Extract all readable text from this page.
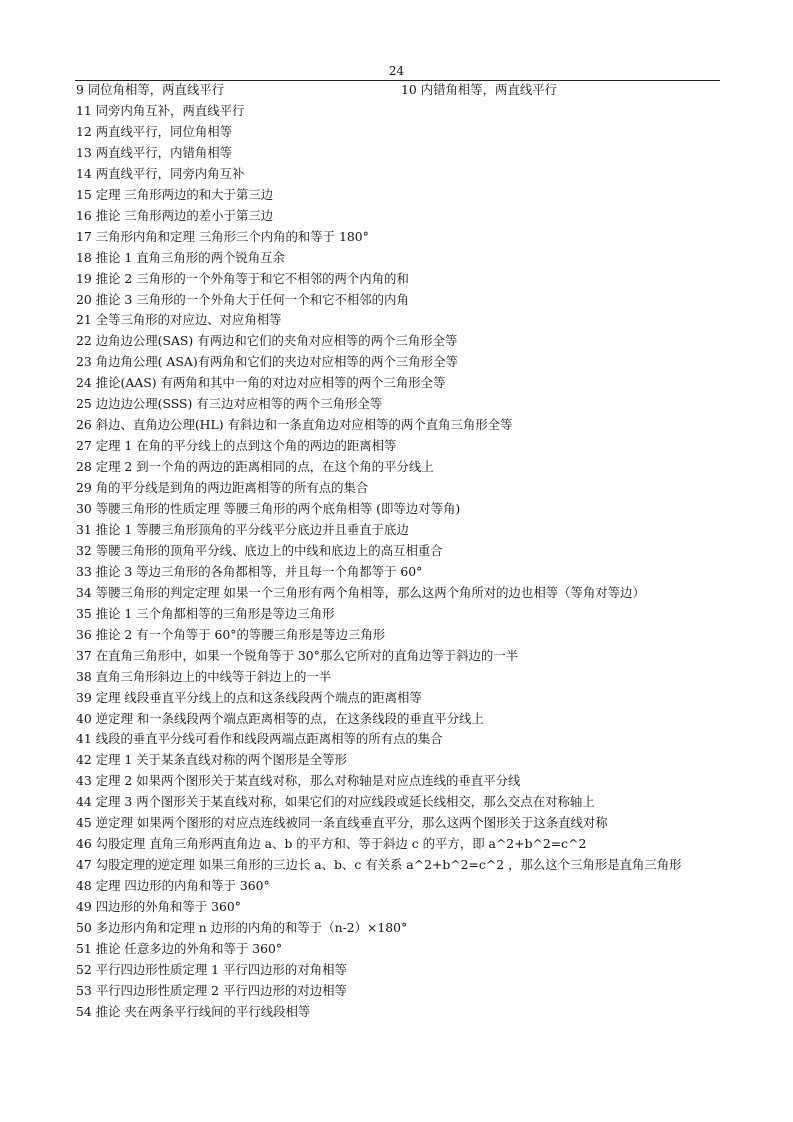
24
9 同位角相等，两直线平行	10 内错角相等，两直线平行
11 同旁内角互补，两直线平行
12 两直线平行，同位角相等
13 两直线平行，内错角相等
14 两直线平行，同旁内角互补
15 定理 三角形两边的和大于第三边
16 推论 三角形两边的差小于第三边
17 三角形内角和定理 三角形三个内角的和等于 180°
18 推论 1 直角三角形的两个锐角互余
19 推论 2 三角形的一个外角等于和它不相邻的两个内角的和
20 推论 3 三角形的一个外角大于任何一个和它不相邻的内角
21 全等三角形的对应边、对应角相等
22 边角边公理(SAS) 有两边和它们的夹角对应相等的两个三角形全等
23 角边角公理( ASA)有两角和它们的夹边对应相等的两个三角形全等
24 推论(AAS) 有两角和其中一角的对边对应相等的两个三角形全等
25 边边边公理(SSS) 有三边对应相等的两个三角形全等
26 斜边、直角边公理(HL) 有斜边和一条直角边对应相等的两个直角三角形全等
27 定理 1 在角的平分线上的点到这个角的两边的距离相等
28 定理 2 到一个角的两边的距离相同的点，在这个角的平分线上
29 角的平分线是到角的两边距离相等的所有点的集合
30 等腰三角形的性质定理 等腰三角形的两个底角相等 (即等边对等角)
31 推论 1 等腰三角形顶角的平分线平分底边并且垂直于底边
32 等腰三角形的顶角平分线、底边上的中线和底边上的高互相重合
33 推论 3 等边三角形的各角都相等，并且每一个角都等于 60°
34 等腰三角形的判定定理 如果一个三角形有两个角相等，那么这两个角所对的边也相等（等角对等边）
35 推论 1 三个角都相等的三角形是等边三角形
36 推论 2 有一个角等于 60°的等腰三角形是等边三角形
37 在直角三角形中，如果一个锐角等于 30°那么它所对的直角边等于斜边的一半
38 直角三角形斜边上的中线等于斜边上的一半
39 定理 线段垂直平分线上的点和这条线段两个端点的距离相等
40 逆定理 和一条线段两个端点距离相等的点，在这条线段的垂直平分线上
41 线段的垂直平分线可看作和线段两端点距离相等的所有点的集合
42 定理 1 关于某条直线对称的两个图形是全等形
43 定理 2 如果两个图形关于某直线对称，那么对称轴是对应点连线的垂直平分线
44 定理 3 两个图形关于某直线对称，如果它们的对应线段或延长线相交，那么交点在对称轴上
45 逆定理 如果两个图形的对应点连线被同一条直线垂直平分，那么这两个图形关于这条直线对称
46 勾股定理 直角三角形两直角边 a、b 的平方和、等于斜边 c 的平方，即 a^2+b^2=c^2
47 勾股定理的逆定理 如果三角形的三边长 a、b、c 有关系 a^2+b^2=c^2 ，那么这个三角形是直角三角形
48 定理 四边形的内角和等于 360°
49 四边形的外角和等于 360°
50 多边形内角和定理 n 边形的内角的和等于（n-2）×180°
51 推论 任意多边的外角和等于 360°
52 平行四边形性质定理 1 平行四边形的对角相等
53 平行四边形性质定理 2 平行四边形的对边相等
54 推论 夹在两条平行线间的平行线段相等
